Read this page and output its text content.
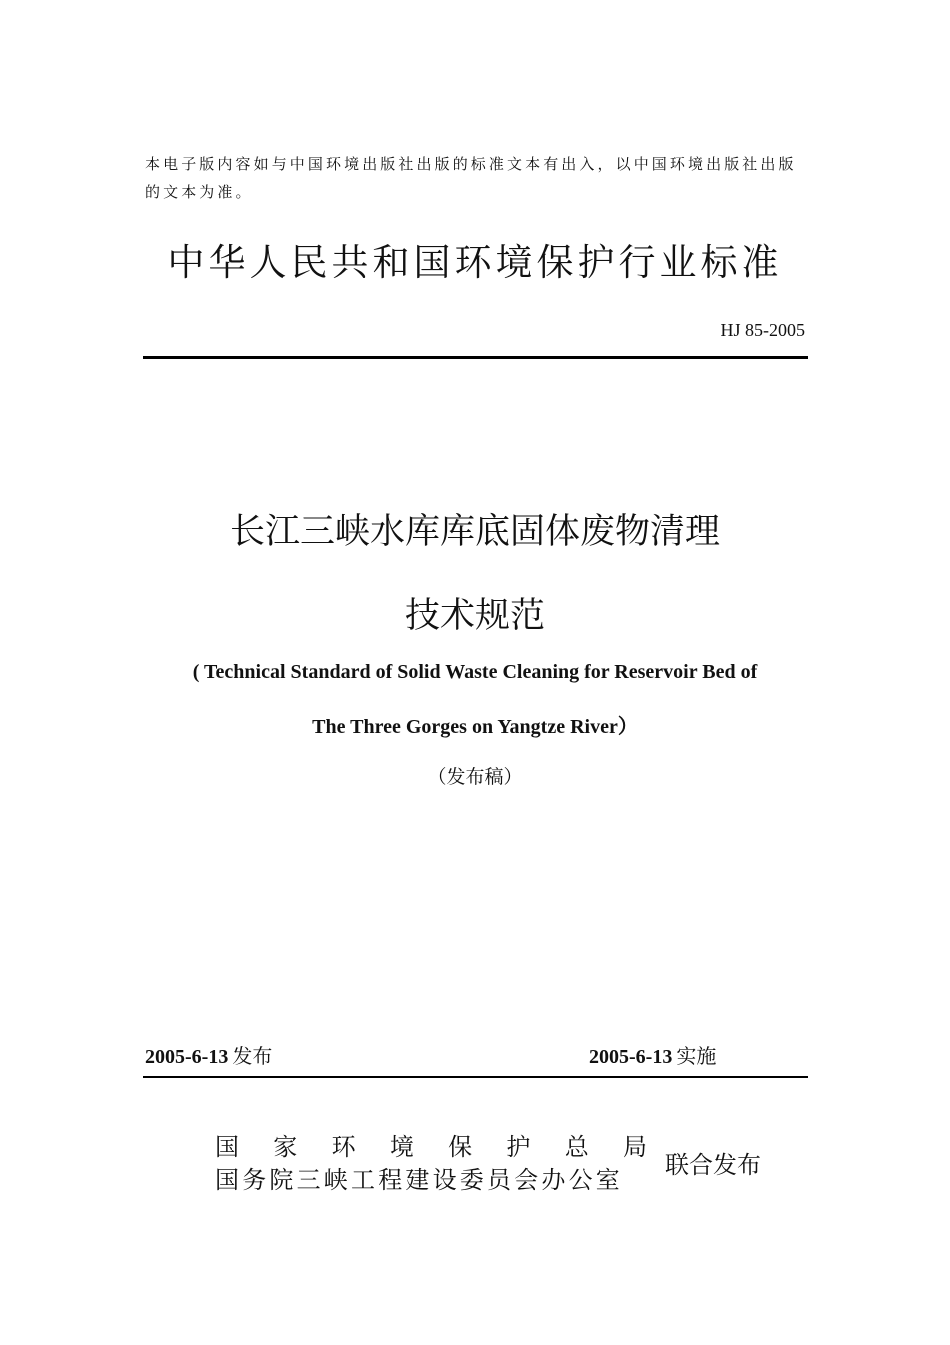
本电子版内容如与中国环境出版社出版的标准文本有出入，以中国环境出版社出版的文本为准。
中华人民共和国环境保护行业标准
HJ 85-2005
长江三峡水库库底固体废物清理
技术规范
( Technical Standard of Solid Waste Cleaning for Reservoir Bed of
The Three Gorges on Yangtze River）
（发布稿）
2005-6-13 发布	2005-6-13 实施
国 家 环 境 保 护 总 局
国务院三峡工程建设委员会办公室
联合发布
